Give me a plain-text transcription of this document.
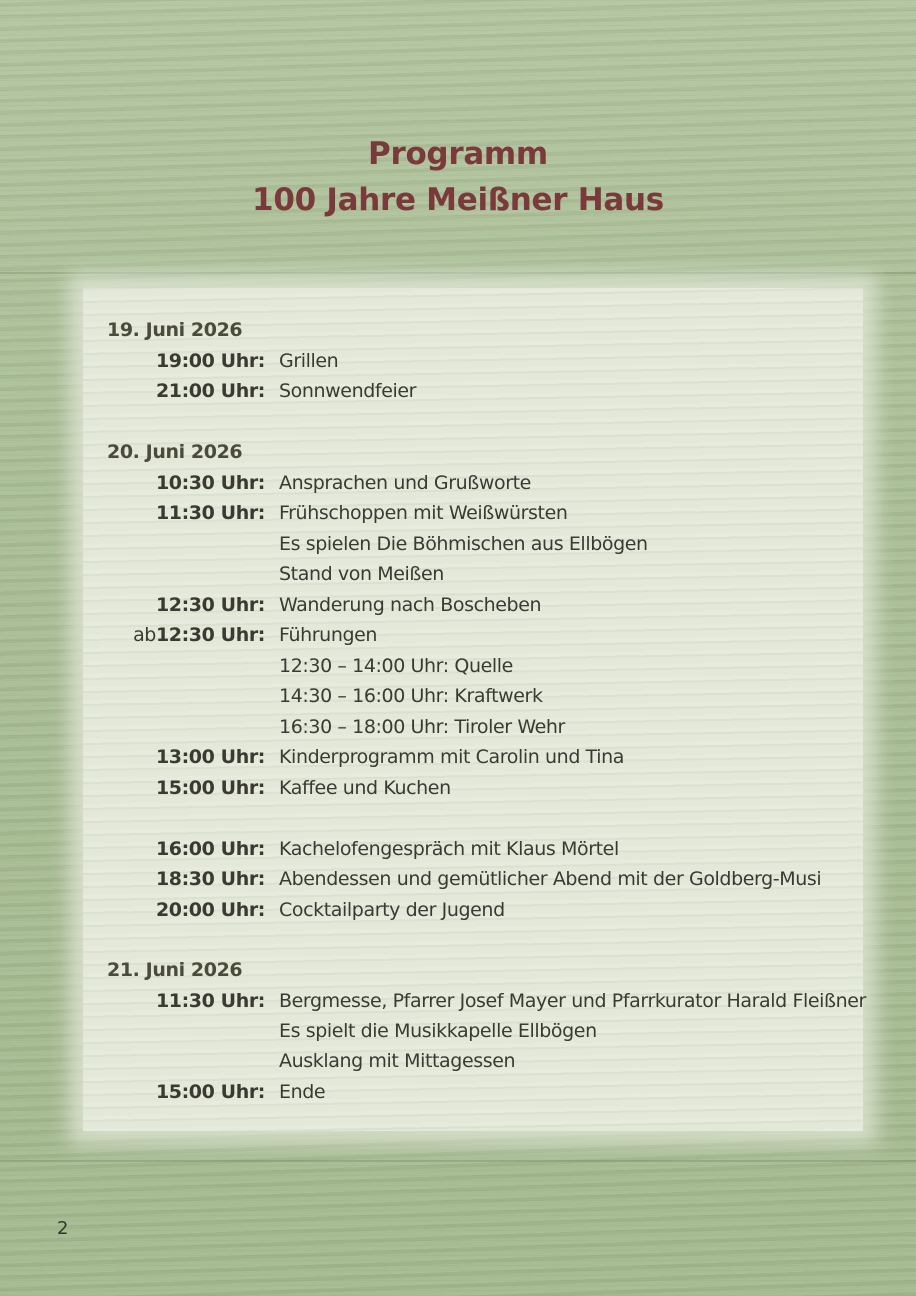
Programm
100 Jahre Meißner Haus
19. Juni 2026
19:00 Uhr: Grillen
21:00 Uhr: Sonnwendfeier
20. Juni 2026
10:30 Uhr: Ansprachen und Grußworte
11:30 Uhr: Frühschoppen mit Weißwürsten
Es spielen Die Böhmischen aus Ellbögen
Stand von Meißen
12:30 Uhr: Wanderung nach Boscheben
ab12:30 Uhr: Führungen
12:30 – 14:00 Uhr: Quelle
14:30 – 16:00 Uhr: Kraftwerk
16:30 – 18:00 Uhr: Tiroler Wehr
13:00 Uhr: Kinderprogramm mit Carolin und Tina
15:00 Uhr: Kaffee und Kuchen
16:00 Uhr: Kachelofengespräch mit Klaus Mörtel
18:30 Uhr: Abendessen und gemütlicher Abend mit der Goldberg-Musi
20:00 Uhr: Cocktailparty der Jugend
21. Juni 2026
11:30 Uhr: Bergmesse, Pfarrer Josef Mayer und Pfarrkurator Harald Fleißner
Es spielt die Musikkapelle Ellbögen
Ausklang mit Mittagessen
15:00 Uhr: Ende
2
